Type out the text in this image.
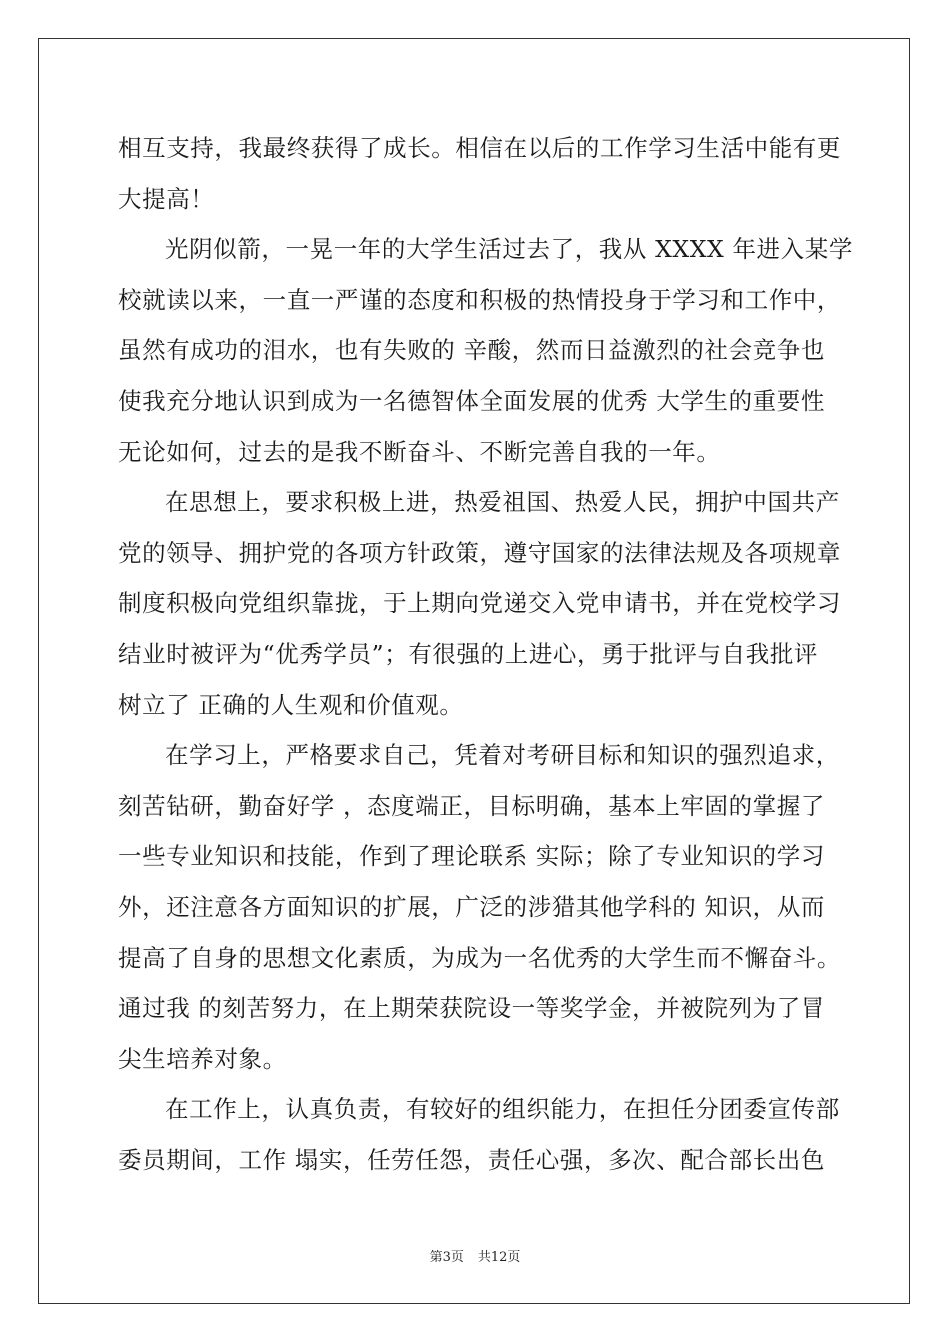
相互支持，我最终获得了成长。相信在以后的工作学习生活中能有更
大提高！
光阴似箭，一晃一年的大学生活过去了，我从 XXXX 年进入某学
校就读以来，一直一严谨的态度和积极的热情投身于学习和工作中，
虽然有成功的泪水，也有失败的 辛酸，然而日益激烈的社会竞争也
使我充分地认识到成为一名德智体全面发展的优秀 大学生的重要性
无论如何，过去的是我不断奋斗、不断完善自我的一年。
在思想上，要求积极上进，热爱祖国、热爱人民，拥护中国共产
党的领导、拥护党的各项方针政策，遵守国家的法律法规及各项规章
制度积极向党组织靠拢，于上期向党递交入党申请书，并在党校学习
结业时被评为“优秀学员”；有很强的上进心，勇于批评与自我批评
树立了 正确的人生观和价值观。
在学习上，严格要求自己，凭着对考研目标和知识的强烈追求，
刻苦钻研，勤奋好学 ，态度端正，目标明确，基本上牢固的掌握了
一些专业知识和技能，作到了理论联系 实际；除了专业知识的学习
外，还注意各方面知识的扩展，广泛的涉猎其他学科的 知识，从而
提高了自身的思想文化素质，为成为一名优秀的大学生而不懈奋斗。
通过我 的刻苦努力，在上期荣获院设一等奖学金，并被院列为了冒
尖生培养对象。
在工作上，认真负责，有较好的组织能力，在担任分团委宣传部
委员期间，工作 塌实，任劳任怨，责任心强，多次、配合部长出色
第3页 共12页
